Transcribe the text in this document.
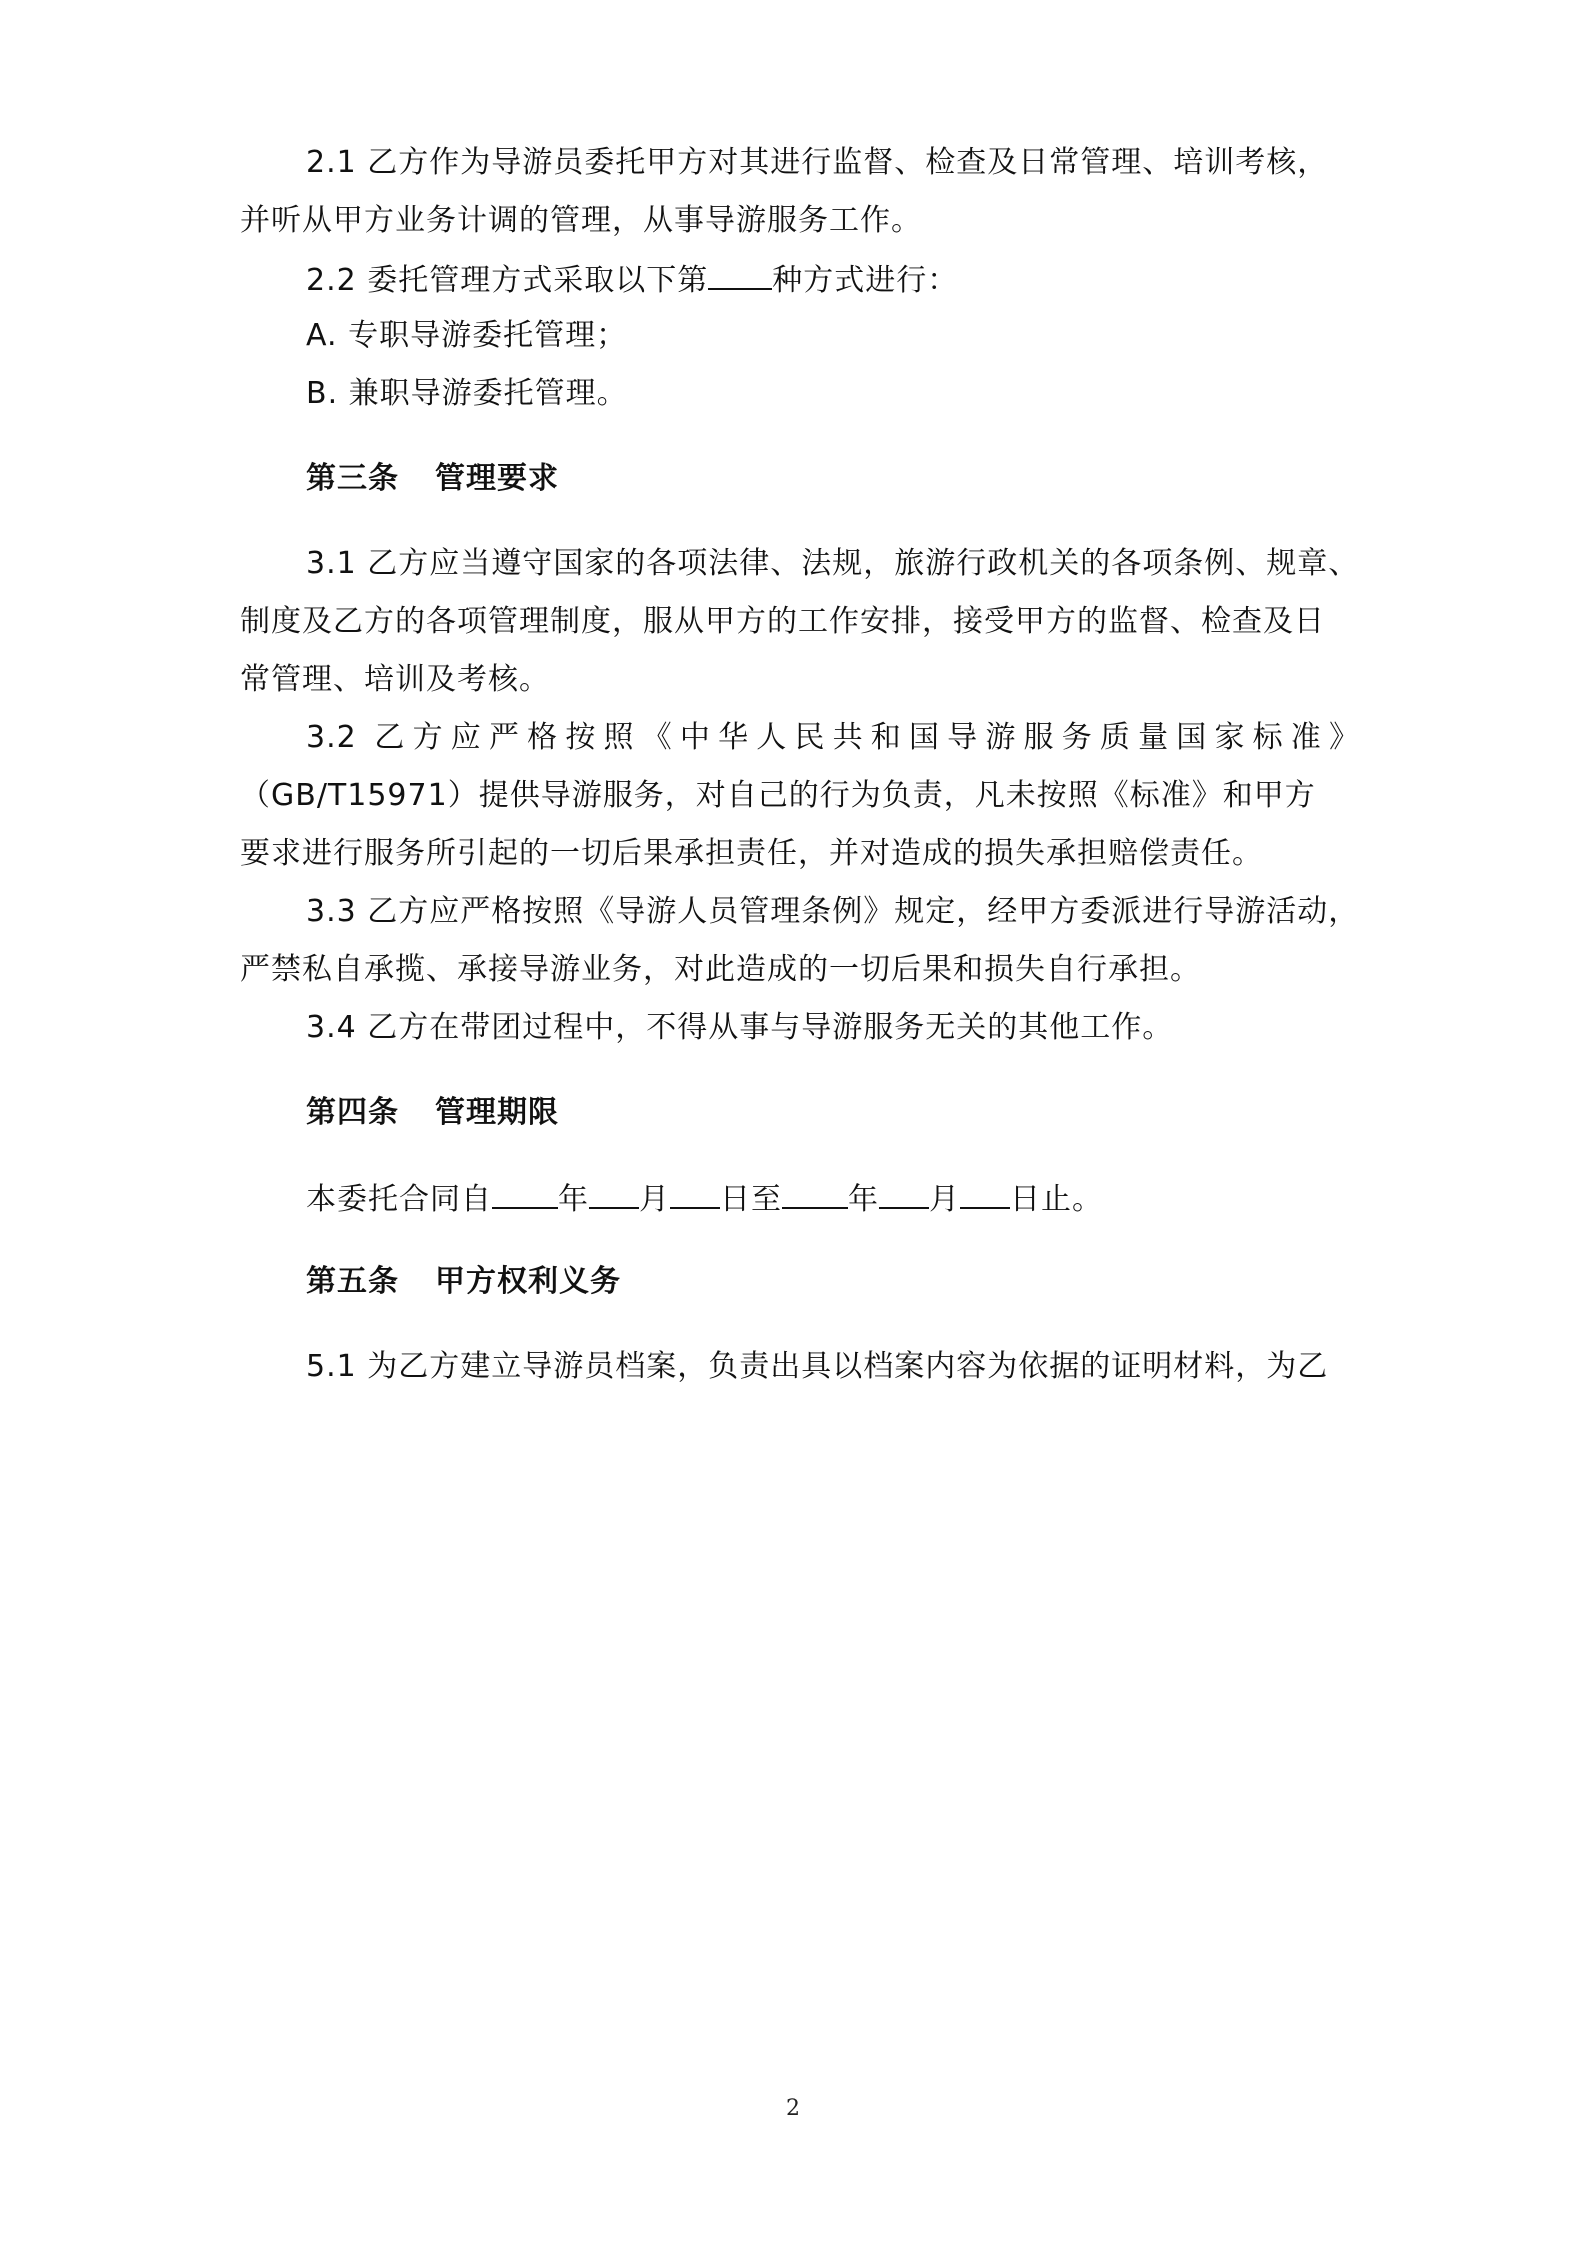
2.1 乙方作为导游员委托甲方对其进行监督、检查及日常管理、培训考核，
并听从甲方业务计调的管理，从事导游服务工作。
2.2 委托管理方式采取以下第 种方式进行：
A. 专职导游委托管理；
B. 兼职导游委托管理。
第三条 管理要求
3.1 乙方应当遵守国家的各项法律、法规，旅游行政机关的各项条例、规章、
制度及乙方的各项管理制度，服从甲方的工作安排，接受甲方的监督、检查及日
常管理、培训及考核。
3.2 乙方应严格按照《中华人民共和国导游服务质量国家标准》
（GB/T15971）提供导游服务，对自己的行为负责，凡未按照《标准》和甲方
要求进行服务所引起的一切后果承担责任，并对造成的损失承担赔偿责任。
3.3 乙方应严格按照《导游人员管理条例》规定，经甲方委派进行导游活动，
严禁私自承揽、承接导游业务，对此造成的一切后果和损失自行承担。
3.4 乙方在带团过程中，不得从事与导游服务无关的其他工作。
第四条 管理期限
本委托合同自 年 月 日至 年 月 日止。
第五条 甲方权利义务
5.1 为乙方建立导游员档案，负责出具以档案内容为依据的证明材料，为乙
2
